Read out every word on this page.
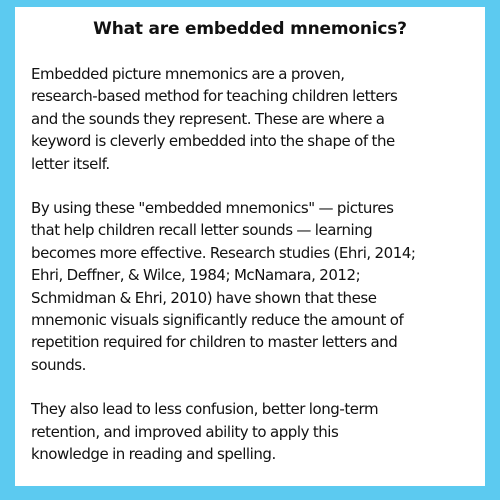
What are embedded mnemonics?

Embedded picture mnemonics are a proven,
research-based method for teaching children letters
and the sounds they represent. These are where a
keyword is cleverly embedded into the shape of the
letter itself.

By using these "embedded mnemonics" — pictures
that help children recall letter sounds — learning
becomes more effective. Research studies (Ehri, 2014;
Ehri, Deffner, & Wilce, 1984; McNamara, 2012;
Schmidman & Ehri, 2010) have shown that these
mnemonic visuals significantly reduce the amount of
repetition required for children to master letters and
sounds.

They also lead to less confusion, better long-term
retention, and improved ability to apply this
knowledge in reading and spelling.
